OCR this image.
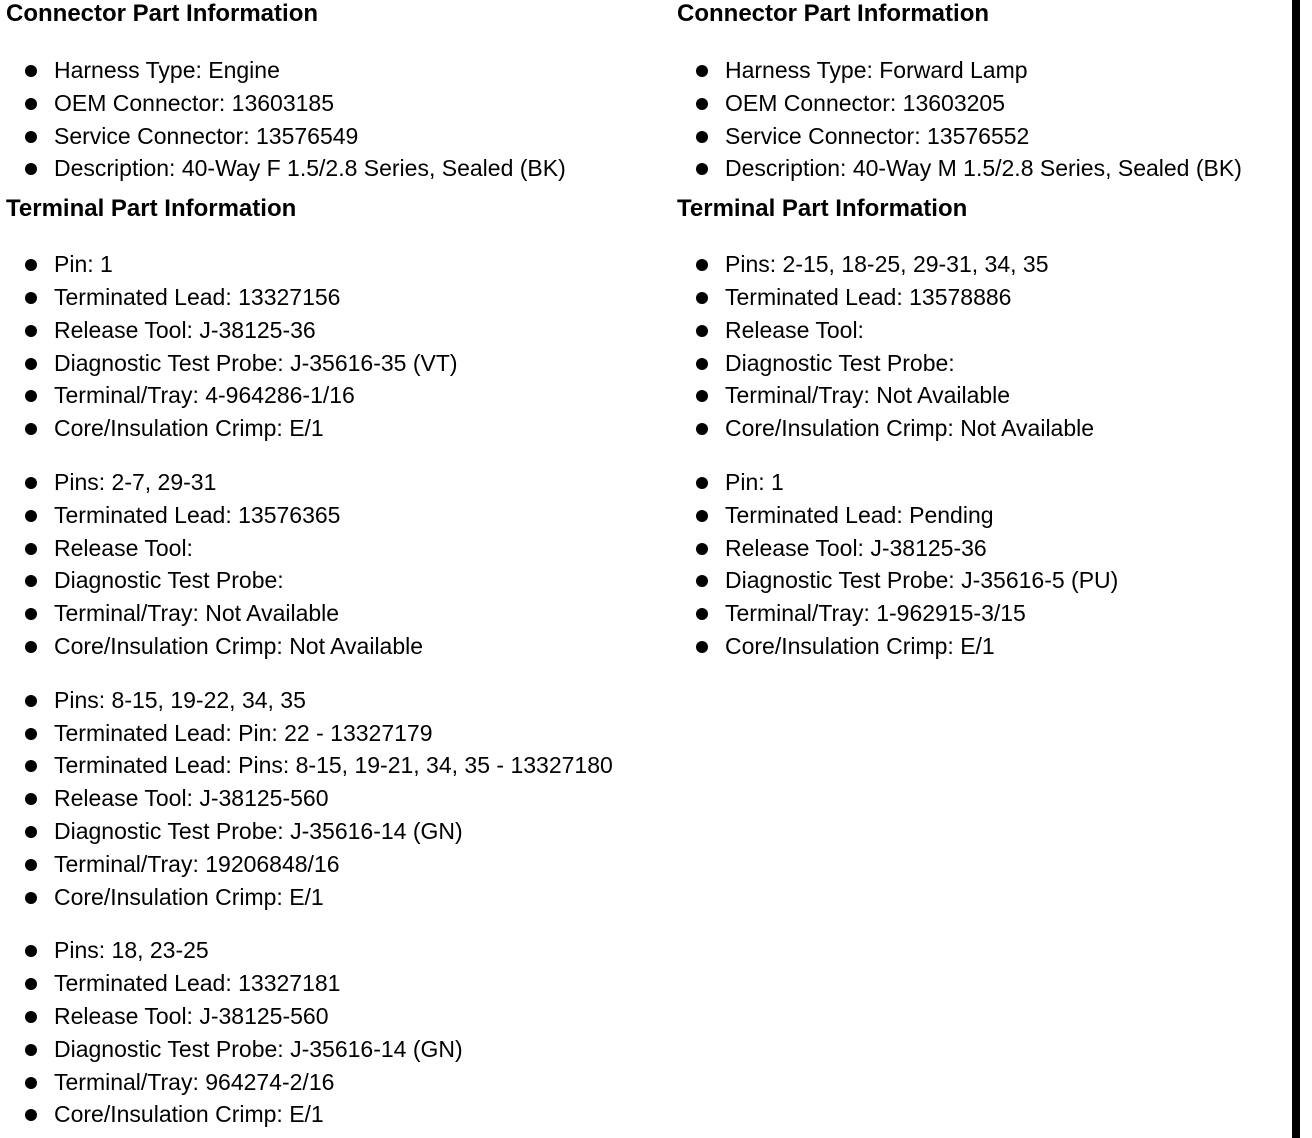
Connector Part Information
Harness Type: Engine
OEM Connector: 13603185
Service Connector: 13576549
Description: 40-Way F 1.5/2.8 Series, Sealed (BK)
Terminal Part Information
Pin: 1
Terminated Lead: 13327156
Release Tool: J-38125-36
Diagnostic Test Probe: J-35616-35 (VT)
Terminal/Tray: 4-964286-1/16
Core/Insulation Crimp: E/1
Pins: 2-7, 29-31
Terminated Lead: 13576365
Release Tool:
Diagnostic Test Probe:
Terminal/Tray: Not Available
Core/Insulation Crimp: Not Available
Pins: 8-15, 19-22, 34, 35
Terminated Lead: Pin: 22 - 13327179
Terminated Lead: Pins: 8-15, 19-21, 34, 35 - 13327180
Release Tool: J-38125-560
Diagnostic Test Probe: J-35616-14 (GN)
Terminal/Tray: 19206848/16
Core/Insulation Crimp: E/1
Pins: 18, 23-25
Terminated Lead: 13327181
Release Tool: J-38125-560
Diagnostic Test Probe: J-35616-14 (GN)
Terminal/Tray: 964274-2/16
Core/Insulation Crimp: E/1
Connector Part Information
Harness Type: Forward Lamp
OEM Connector: 13603205
Service Connector: 13576552
Description: 40-Way M 1.5/2.8 Series, Sealed (BK)
Terminal Part Information
Pins: 2-15, 18-25, 29-31, 34, 35
Terminated Lead: 13578886
Release Tool:
Diagnostic Test Probe:
Terminal/Tray: Not Available
Core/Insulation Crimp: Not Available
Pin: 1
Terminated Lead: Pending
Release Tool: J-38125-36
Diagnostic Test Probe: J-35616-5 (PU)
Terminal/Tray: 1-962915-3/15
Core/Insulation Crimp: E/1
